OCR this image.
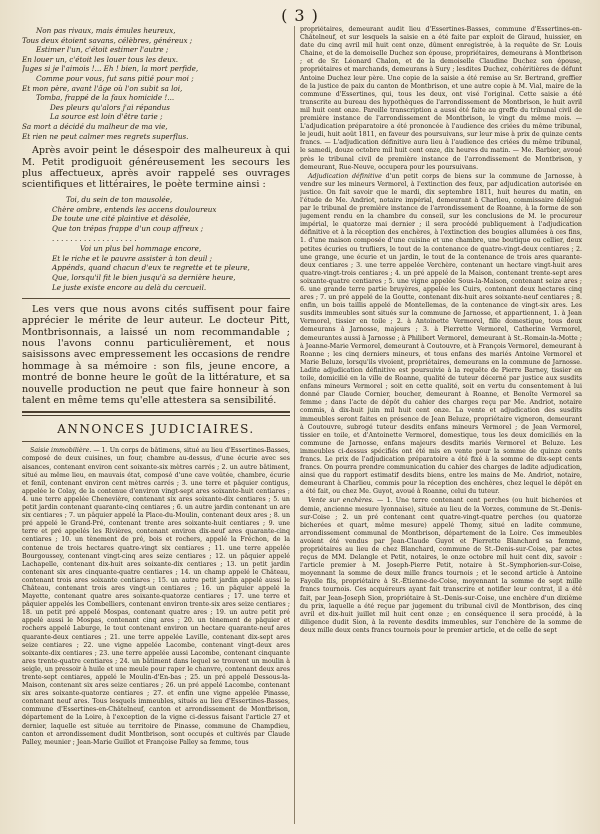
( 3 )
Non pas rivaux, mais émules heureux,
Tous deux étoient savans, célèbres, généreux ;
Estimer l'un, c'étoit estimer l'autre ;
En louer un, c'étoit les louer tous les deux.
Juges si je l'aimois !... Eh ! bien, la mort perfide,
Comme pour vous, fut sans pitié pour moi ;
Et mon père, avant l'âge où l'on subit sa loi,
Tomba, frappé de la faux homicide !...
Des pleurs qu'alors j'ai répandus
La source est loin d'être tarie ;
Sa mort a décidé du malheur de ma vie,
Et rien ne peut calmer mes regrets superflus.

Après avoir peint le désespoir des malheureux à qui M. Petit prodiguoit généreusement les secours les plus affectueux, après avoir rappelé ses ouvrages scientifiques et littéraires, le poète termine ainsi :

Toi, du sein de ton mausolée,
Chère ombre, entends les accens douloureux
De toute une cité plaintive et désolée,
Que ton trépas frappe d'un coup affreux ;
. . . . . . . . . . . . . . . . . . .
Voi un plus bel hommage encore,
Et le riche et le pauvre assister à ton deuil ;
Appénds, quand chacun d'eux te regrette et te pleure,
Que, lorsqu'il fit le bien jusqu'à sa dernière heure,
Le juste existe encore au delà du cercueil.

Les vers que nous avons cités suffisent pour faire apprécier le mérite de leur auteur. Le docteur Pitt, Montbrisonnais, a laissé un nom recommandable ; nous l'avons connu particulièrement, et nous saisissons avec empressement les occasions de rendre hommage à sa mémoire : son fils, jeune encore, a montré de bonne heure le goût de la littérature, et sa nouvelle production ne peut que faire honneur à son talent en même tems qu'elle attestera sa sensibilité.

ANNONCES JUDICIAIRES.

Saisie immobilière. — 1. Un corps de bâtimens, situé au lieu d'Essertines-Basses, composé de deux cuisines, un four, chambre au-dessus, d'une écurie avec ses aisances, contenant environ cent soixante-six mètres carrés ; 2. un autre bâtiment, situé au même lieu, en mauvais état, composé d'une cave voûtée, chambre, écurie et fenil, contenant environ cent mètres carrés ; 3. une terre et pâquier contigus, appelée le Colay, de la contenue d'environ vingt-sept ares soixante-huit centiares ; 4. une terre appelée Chenevière, contenant six ares soixante-dix centiares ; 5. un petit jardin contenant quarante-cinq centiares ; 6. un autre jardin contenant un are six centiares ; 7. un pâquier appelé la Place-du-Moulin, contenant deux ares ; 8. un pré appelé le Grand-Pré, contenant trente ares soixante-huit centiares ; 9. une terre et pré appelés les Rivières, contenant environ dix-neuf ares quarante-cinq centiares ; 10. un tènement de pré, bois et rochers, appelé la Fréchon, de la contenue de trois hectares quatre-vingt six centiares ; 11. une terre appelée Bourgoussey, contenant vingt-cinq ares seize centiares ; 12. un pâquier appelé Lachapelle, contenant dix-huit ares soixante-dix centiares ; 13. un petit jardin contenant six ares cinquante-quatre centiares ; 14. un champ appelé le Château, contenant trois ares soixante centiares ; 15. un autre petit jardin appelé aussi le Château, contenant trois ares vingt-un centiares ; 16. un pâquier appelé la Mayette, contenant quatre ares soixante-quatorze centiares ; 17. une terre et pâquier appelés les Combelliers, contenant environ trente-six ares seize centiares ; 18. un petit pré appelé Mospas, contenant quatre ares ; 19. un autre petit pré appelé aussi le Mospas, contenant cinq ares ; 20. un tènement de pâquier et rochers appelé Laburge, le tout contenant environ un hectare quarante-neuf ares quarante-deux centiares ; 21. une terre appelée Laville, contenant dix-sept ares seize centiares ; 22. une vigne appelée Lacombe, contenant vingt-deux ares soixante-dix centiares ; 23. une terre appelée aussi Lacombe, contenant cinquante ares trente-quatre centiares ; 24. un bâtiment dans lequel se trouvent un moulin à seigle, un pressoir à huile et une meule pour raper le chanvre, contenant deux ares trente-sept centiares, appelé le Moulin-d'En-bas ; 25. un pré appelé Dessous-la-Maison, contenant six ares seize centiares ; 26. un pré appelé Lacombe, contenant six ares soixante-quatorze centiares ; 27. et enfin une vigne appelée Pinasse, contenant neuf ares. Tous lesquels immeubles, situés au lieu d'Essertines-Basses, commune d'Essertines-en-Châtelneuf, canton et arrondissement de Montbrison, département de la Loire, à l'exception de la vigne ci-dessus faisant l'article 27 et dernier, laquelle est située au territoire de Pinasse, commune de Champdieu, canton et arrondissement dudit Montbrison, sont occupés et cultivés par Claude Palley, meunier ; Jean-Marie Guillot et Françoise Palley sa femme, tous

propriétaires, demeurant audit lieu d'Essertines-Basses, commune d'Essertines-en-Châtelneuf, et sur lesquels la saisie en a été faite par exploit de Giraud, huissier, en date du cinq avril mil huit cent onze, dûment enregistrée, à la requête de Sr. Louis Chaine, et de la demoiselle Duchez son épouse, propriétaires, demeurans à Montbrison ; et de Sr. Léonard Chalon, et de la demoiselle Claudine Duchez son épouse, propriétaires et marchands, demeurans à Sury ; lesdites Duchez, cohéritières de défunt Antoine Duchez leur père. Une copie de la saisie a été remise au Sr. Bertrand, greffier de la justice de paix du canton de Montbrison, et une autre copie à M. Vial, maire de la commune d'Essertines, qui, tous les deux, ont visé l'original. Cette saisie a été transcrite au bureau des hypothèques de l'arrondissement de Montbrison, le huit avril mil huit cent onze. Pareille transcription a aussi été faite au greffe du tribunal civil de première instance de l'arrondissement de Montbrison, le vingt du même mois. — L'adjudication préparatoire a été prononcée à l'audience des criées du même tribunal, le jeudi, huit août 1811, en faveur des poursuivans, sur leur mise à prix de quinze cents francs. — L'adjudication définitive aura lieu à l'audience des criées du même tribunal, le samedi, douze octobre mil huit cent onze, dix heures du matin. — Me. Barbier, avoué près le tribunal civil de première instance de l'arrondissement de Montbrison, y demeurant, Rue-Neuve, occupera pour les poursuivans.

Adjudication définitive d'un petit corps de biens sur la commune de Jarnosse, à vendre sur les mineurs Vermorel, à l'extinction des feux, par adjudication autorisée en justice. On fait savoir que le mardi, dix septembre 1811, huit heures du matin, en l'étude de Me. Andriot, notaire impérial, demeurant à Charlieu, commissaire délégué par le tribunal de première instance de l'arrondissement de Roanne, à la forme de son jugement rendu en la chambre du conseil, sur les conclusions de M. le procureur impérial, le quatorze mai dernier ; il sera procédé publiquement à l'adjudication définitive et à la réception des enchères, à l'extinction des bougies allumées à ces fins, 1. d'une maison composée d'une cuisine et une chambre, une boutique ou cellier, deux petites écuries ou trufliers, le tout de la contenance de quatre-vingt-deux centiares ; 2. une grange, une écurie et un jardin, le tout de la contenance de trois ares quarante-deux centiares ; 3. une terre appelée Verchère, contenant un hectare vingt-huit ares quatre-vingt-trois centiares ; 4. un pré appelé de la Maison, contenant trente-sept ares soixante-quatre centiares ; 5. une vigne appelée Sous-la-Maison, contenant seize ares ; 6. une grande terre partie bruyères, appelée les Cuirs, contenant deux hectares cinq ares ; 7. un pré appelé de la Goutte, contenant dix-huit ares soixante-neuf centiares ; 8. enfin, un bois taillis appelé de Montellemas, de la contenance de vingt-six ares. Les susdits immeubles sont situés sur la commune de Jarnosse, et appartiennent, 1. à Jean Vermorel, tissier en toile ; 2. à Antoinette Vermorel, fille domestique, tous deux demeurans à Jarnosse, majeurs ; 3. à Pierrette Vermorel, Catherine Vermorel, demeurantes aussi à Jarnosse ; à Philibert Vermorel, demeurant à St.-Romain-la-Motte ; à Jeanne-Marie Vermorel, demeurant à Coutouvre, et à François Vermorel, demeurant à Roanne ; les cinq derniers mineurs, et tous enfans des mariés Antoine Vermorel et Marie Beluze, lorsqu'ils vivoient, propriétaires, demeurans en la commune de Jarnosse. Ladite adjudication définitive est poursuivie à la requête de Pierre Barney, tissier en toile, domicilié en la ville de Roanne, qualité de tuteur décerné par justice aux susdits enfans mineurs Vermorel ; soit en cette qualité, soit en vertu du consentement à lui donné par Claude Cornier, boucher, demeurant à Roanne, et Benoîte Vermorel sa femme ; dans l'acte de dépôt du cahier des charges reçu par Me. Andriot, notaire commis, à dix-huit juin mil huit cent onze. La vente et adjudication des susdits immeubles seront faites en présence de Jean Beluze, propriétaire vigneron, demeurant à Coutouvre, subrogé tuteur desdits enfans mineurs Vermorel ; de Jean Vermorel, tissier en toile, et d'Antoinette Vermorel, domestique, tous les deux domiciliés en la commune de Jarnosse, enfans majeurs desdits mariés Vermorel et Beluze. Les immeubles ci-dessus spécifiés ont été mis en vente pour la somme de quinze cents francs. Le prix de l'adjudication préparatoire a été fixé à la somme de dix-sept cents francs. On pourra prendre communication du cahier des charges de ladite adjudication, ainsi que du rapport estimatif desdits biens, entre les mains de Me. Andriot, notaire, demeurant à Charlieu, commis pour la réception des enchères, chez lequel le dépôt en a été fait, ou chez Me. Guyot, avoué à Roanne, celui du tuteur.

Vente sur enchères. — 1. Une terre contenant cent perches (ou huit bicherées et demie, ancienne mesure lyonnaise), située au lieu de la Vorzes, commune de St.-Denis-sur-Coise ; 2. un pré contenant cent quatre-vingt-quatre perches (ou quatorze bicherées et quart, même mesure) appelé Thomy, situé en ladite commune, arrondissement communal de Montbrison, département de la Loire. Ces immeubles avoient été vendus par Jean-Claude Guyot et Pierrette Blanchard sa femme, propriétaires au lieu de chez Blanchard, commune de St.-Denis-sur-Coise, par actes reçus de MM. Delangle et Petit, notaires, le onze octobre mil huit cent dix, savoir : l'article premier à M. Joseph-Pierre Petit, notaire à St.-Symphorien-sur-Coise, moyennant la somme de deux mille francs tournois ; et le second article à Antoine Fayolle fils, propriétaire à St.-Étienne-de-Coise, moyennant la somme de sept mille francs tournois. Ces acquéreurs ayant fait transcrire et notifier leur contrat, il a été fait, par Jean-Joseph Sion, propriétaire à St.-Denis-sur-Coise, une enchère d'un dixième du prix, laquelle a été reçue par jugement du tribunal civil de Montbrison, des cinq avril et dix-huit juillet mil huit cent onze ; en conséquence il sera procédé, à la diligence dudit Sion, à la revente desdits immeubles, sur l'enchère de la somme de deux mille deux cents francs tournois pour le premier article, et de celle de sept
